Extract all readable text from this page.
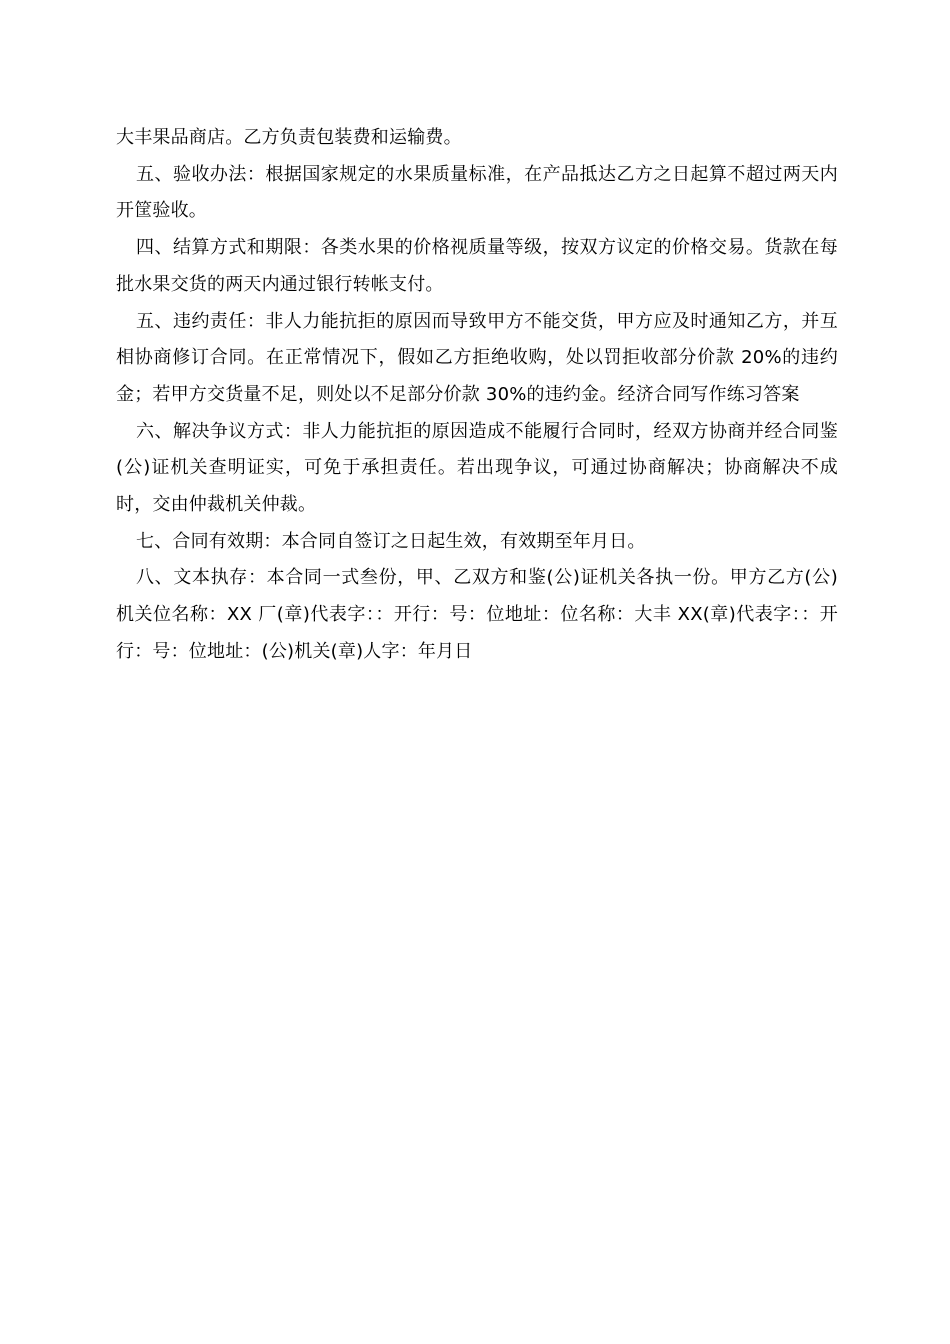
大丰果品商店。乙方负责包装费和运输费。

五、验收办法：根据国家规定的水果质量标准，在产品抵达乙方之日起算不超过两天内开筐验收。

四、结算方式和期限：各类水果的价格视质量等级，按双方议定的价格交易。货款在每批水果交货的两天内通过银行转帐支付。

五、违约责任：非人力能抗拒的原因而导致甲方不能交货，甲方应及时通知乙方，并互相协商修订合同。在正常情况下，假如乙方拒绝收购，处以罚拒收部分价款 20%的违约金；若甲方交货量不足，则处以不足部分价款 30%的违约金。经济合同写作练习答案

六、解决争议方式：非人力能抗拒的原因造成不能履行合同时，经双方协商并经合同鉴(公)证机关查明证实，可免于承担责任。若出现争议，可通过协商解决；协商解决不成时，交由仲裁机关仲裁。

七、合同有效期：本合同自签订之日起生效，有效期至年月日。

八、文本执存：本合同一式叁份，甲、乙双方和鉴(公)证机关各执一份。甲方乙方(公)机关位名称：XX 厂(章)代表字：：开行：号：位地址：位名称：大丰 XX(章)代表字：：开行：号：位地址：(公)机关(章)人字：年月日
